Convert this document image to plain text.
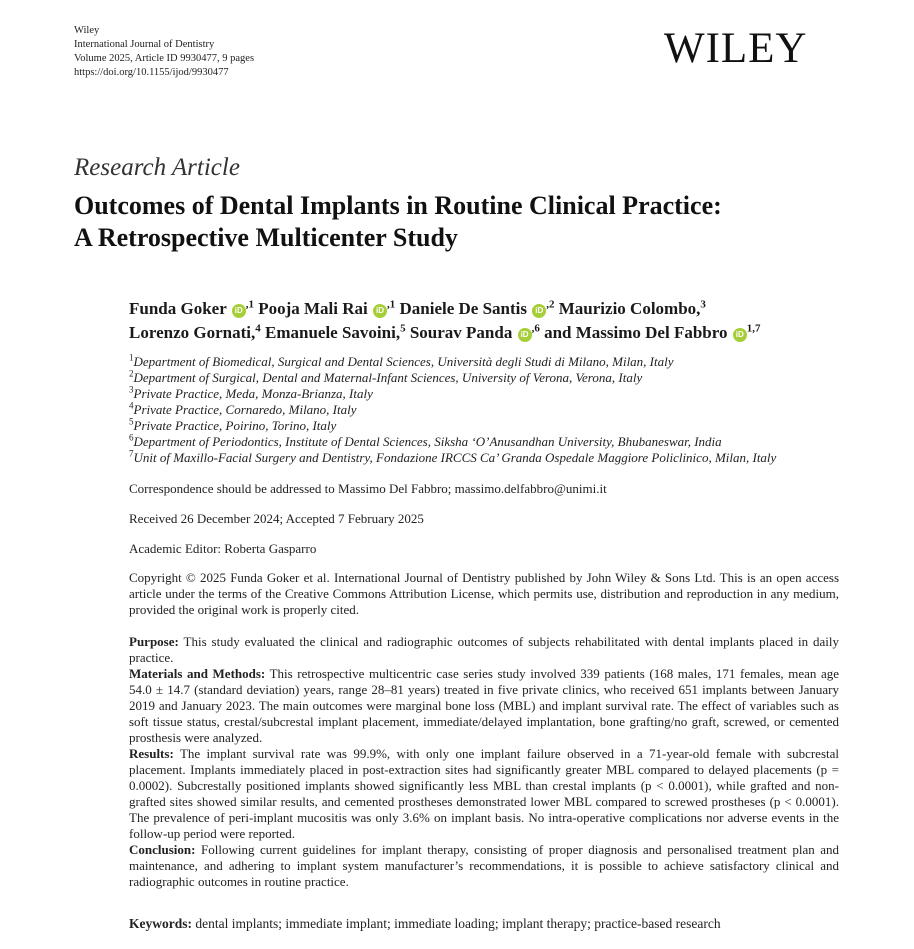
Wiley
International Journal of Dentistry
Volume 2025, Article ID 9930477, 9 pages
https://doi.org/10.1155/ijod/9930477
WILEY
Research Article
Outcomes of Dental Implants in Routine Clinical Practice:
A Retrospective Multicenter Study
Funda Goker $iD^{,1}$ Pooja Mali Rai $iD^{,1}$ Daniele De Santis $iD^{,2}$ Maurizio Colombo,$^3$
Lorenzo Gornati,$^4$ Emanuele Savoini,$^5$ Sourav Panda $iD^{,6}$ and Massimo Del Fabbro iD$^{1,7}$
$^1$Department of Biomedical, Surgical and Dental Sciences, Università degli Studi di Milano, Milan, Italy
$^2$Department of Surgical, Dental and Maternal-Infant Sciences, University of Verona, Verona, Italy
$^3$Private Practice, Meda, Monza-Brianza, Italy
$^4$Private Practice, Cornaredo, Milano, Italy
$^5$Private Practice, Poirino, Torino, Italy
$^6$Department of Periodontics, Institute of Dental Sciences, Siksha ‘O’Anusandhan University, Bhubaneswar, India
$^7$Unit of Maxillo-Facial Surgery and Dentistry, Fondazione IRCCS Ca’ Granda Ospedale Maggiore Policlinico, Milan, Italy
Correspondence should be addressed to Massimo Del Fabbro; massimo.delfabbro@unimi.it
Received 26 December 2024; Accepted 7 February 2025
Academic Editor: Roberta Gasparro
Copyright © 2025 Funda Goker et al. International Journal of Dentistry published by John Wiley & Sons Ltd. This is an open access article under the terms of the Creative Commons Attribution License, which permits use, distribution and reproduction in any medium, provided the original work is properly cited.

Purpose: This study evaluated the clinical and radiographic outcomes of subjects rehabilitated with dental implants placed in daily practice.

Materials and Methods: This retrospective multicentric case series study involved 339 patients (168 males, 171 females, mean age 54.0 ± 14.7 (standard deviation) years, range 28–81 years) treated in five private clinics, who received 651 implants between January 2019 and January 2023. The main outcomes were marginal bone loss (MBL) and implant survival rate. The effect of variables such as soft tissue status, crestal/subcrestal implant placement, immediate/delayed implantation, bone grafting/no graft, screwed, or cemented prosthesis were analyzed.

Results: The implant survival rate was 99.9%, with only one implant failure observed in a 71-year-old female with subcrestal placement. Implants immediately placed in post-extraction sites had significantly greater MBL compared to delayed placements (p = 0.0002). Subcrestally positioned implants showed significantly less MBL than crestal implants (p < 0.0001), while grafted and non-grafted sites showed similar results, and cemented prostheses demonstrated lower MBL compared to screwed prostheses (p < 0.0001). The prevalence of peri-implant mucositis was only 3.6% on implant basis. No intra-operative complications nor adverse events in the follow-up period were reported.

Conclusion: Following current guidelines for implant therapy, consisting of proper diagnosis and personalised treatment plan and maintenance, and adhering to implant system manufacturer’s recommendations, it is possible to achieve satisfactory clinical and radiographic outcomes in routine practice.

Keywords: dental implants; immediate implant; immediate loading; implant therapy; practice-based research
